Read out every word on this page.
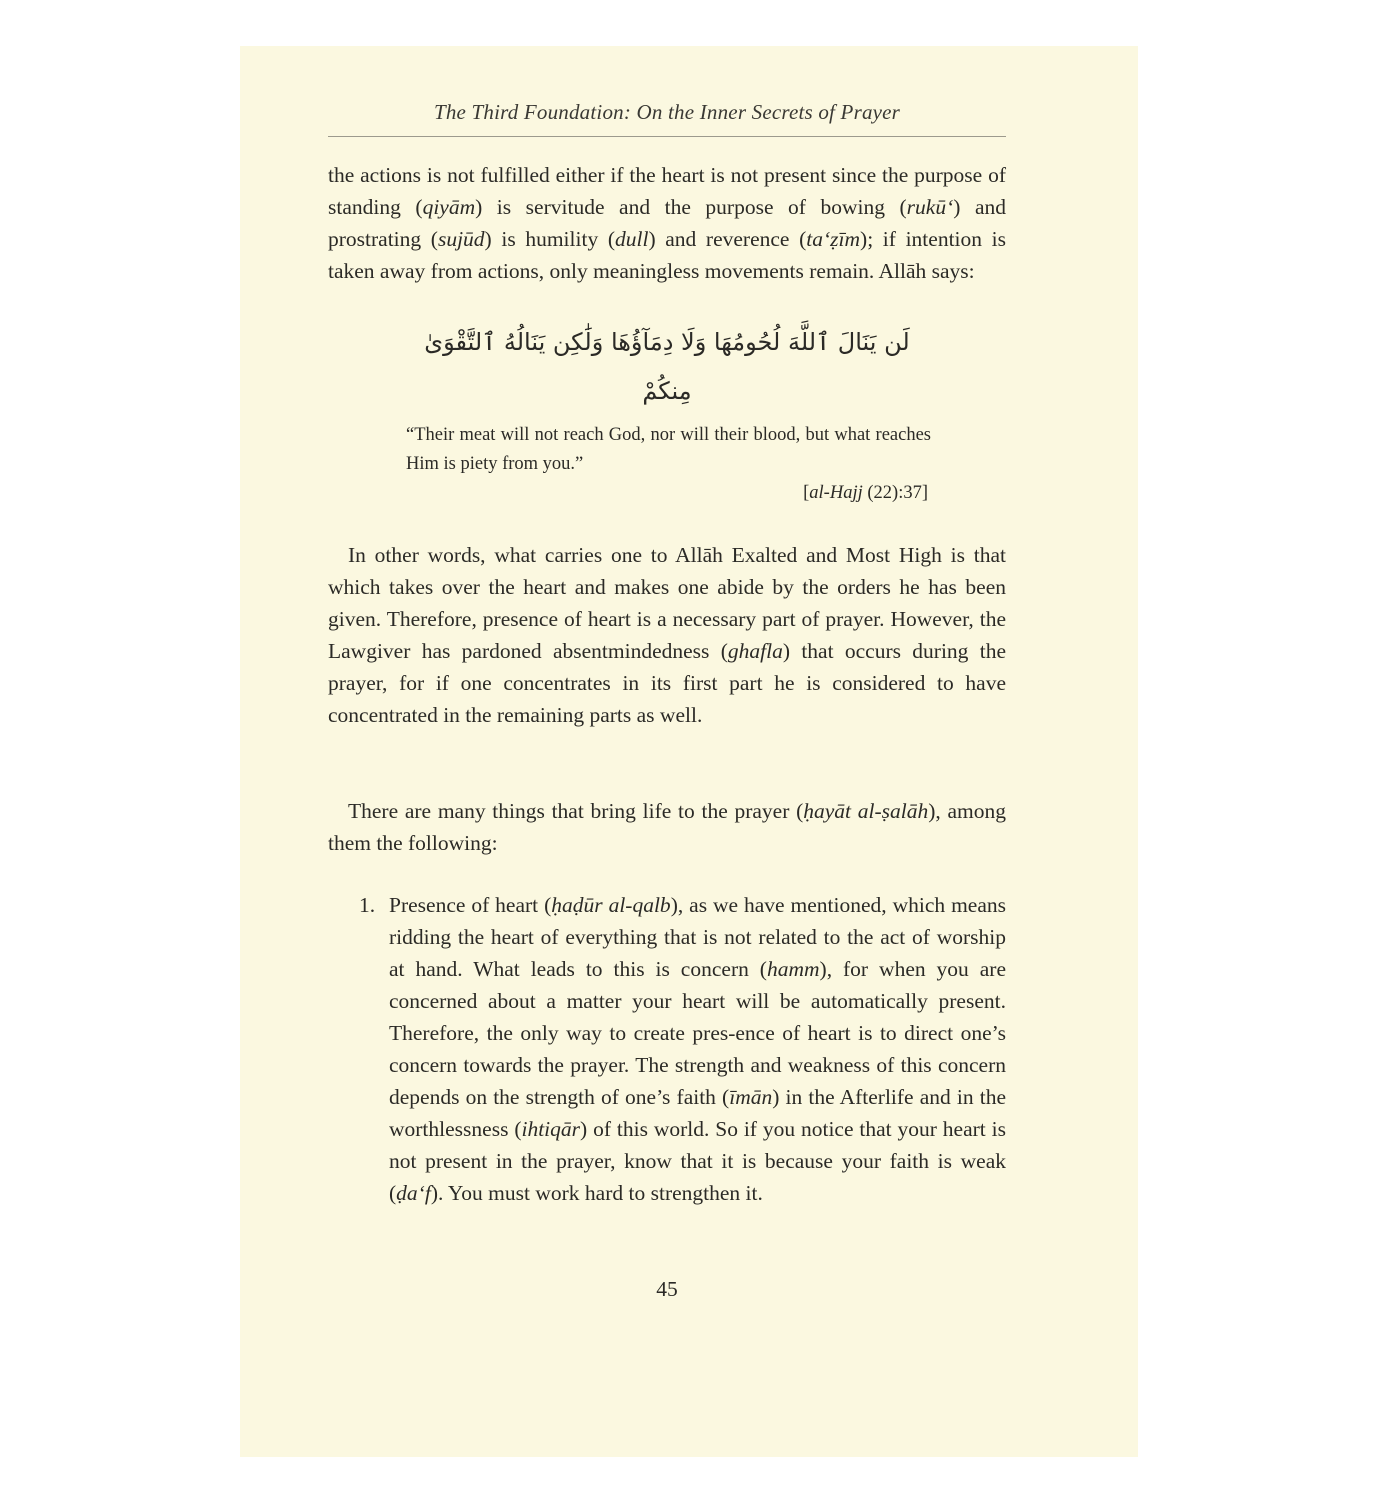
The Third Foundation: On the Inner Secrets of Prayer
the actions is not fulfilled either if the heart is not present since the purpose of standing (qiyām) is servitude and the purpose of bowing (rukū‘) and prostrating (sujūd) is humility (dull) and reverence (ta‘ẓīm); if intention is taken away from actions, only meaningless movements remain. Allāh says:
لَن يَنَالَ ٱللَّهَ لُحُومُهَا وَلَا دِمَآؤُهَا وَلَٰكِن يَنَالُهُ ٱلتَّقْوَىٰ
مِنكُمْ
“Their meat will not reach God, nor will their blood, but what reaches Him is piety from you.”
[al-Hajj (22):37]
In other words, what carries one to Allāh Exalted and Most High is that which takes over the heart and makes one abide by the orders he has been given. Therefore, presence of heart is a necessary part of prayer. However, the Lawgiver has pardoned absentmindedness (ghafla) that occurs during the prayer, for if one concentrates in its first part he is considered to have concentrated in the remaining parts as well.
There are many things that bring life to the prayer (ḥayāt al-ṣalāh), among them the following:
1. Presence of heart (ḥaḍūr al-qalb), as we have mentioned, which means ridding the heart of everything that is not related to the act of worship at hand. What leads to this is concern (hamm), for when you are concerned about a matter your heart will be automatically present. Therefore, the only way to create pres-ence of heart is to direct one’s concern towards the prayer. The strength and weakness of this concern depends on the strength of one’s faith (īmān) in the Afterlife and in the worthlessness (ihtiqār) of this world. So if you notice that your heart is not present in the prayer, know that it is because your faith is weak (ḍa‘f). You must work hard to strengthen it.
45
